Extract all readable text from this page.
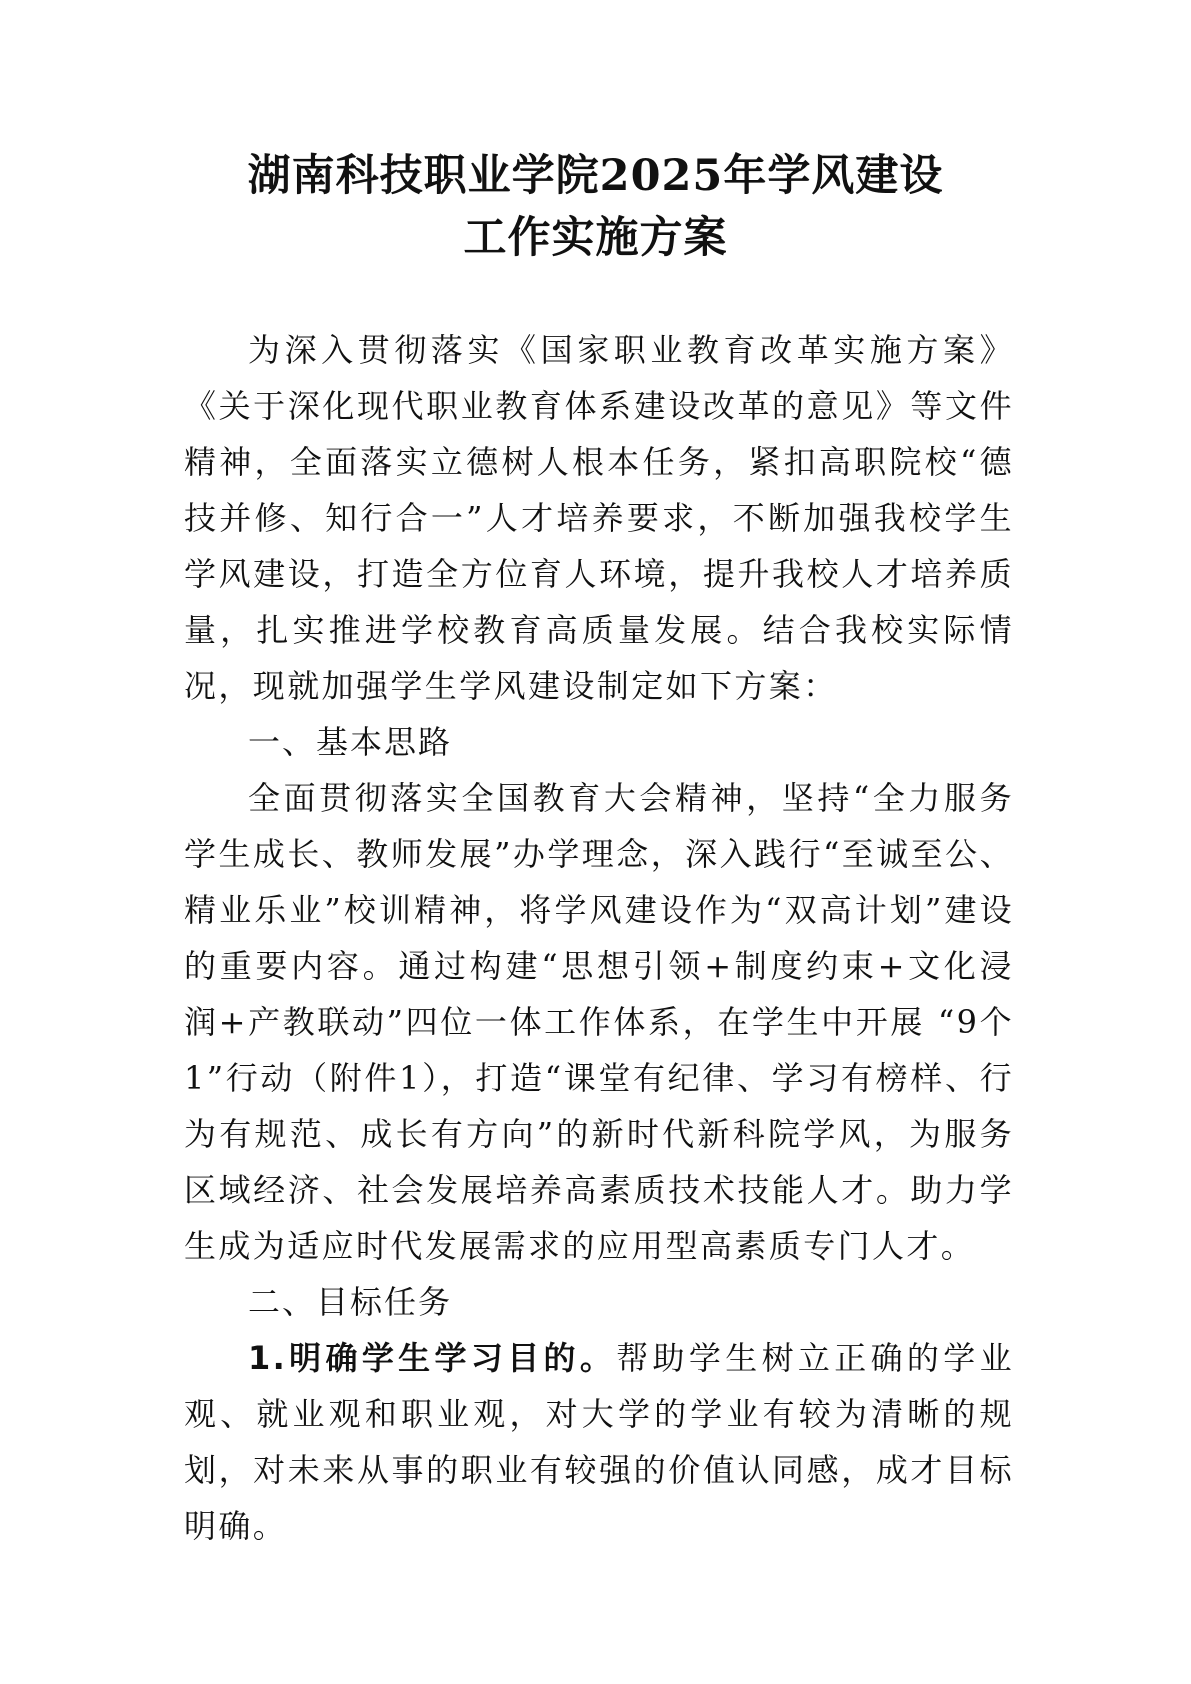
湖南科技职业学院2025年学风建设
工作实施方案

为深入贯彻落实《国家职业教育改革实施方案》《关于深化现代职业教育体系建设改革的意见》等文件精神，全面落实立德树人根本任务，紧扣高职院校“德技并修、知行合一”人才培养要求，不断加强我校学生学风建设，打造全方位育人环境，提升我校人才培养质量，扎实推进学校教育高质量发展。结合我校实际情况，现就加强学生学风建设制定如下方案：

一、基本思路

全面贯彻落实全国教育大会精神，坚持“全力服务学生成长、教师发展”办学理念，深入践行“至诚至公、精业乐业”校训精神，将学风建设作为“双高计划”建设的重要内容。通过构建“思想引领+制度约束+文化浸润+产教联动”四位一体工作体系，在学生中开展 “9个1”行动（附件1），打造“课堂有纪律、学习有榜样、行为有规范、成长有方向”的新时代新科院学风，为服务区域经济、社会发展培养高素质技术技能人才。助力学生成为适应时代发展需求的应用型高素质专门人才。

二、目标任务

1.明确学生学习目的。帮助学生树立正确的学业观、就业观和职业观，对大学的学业有较为清晰的规划，对未来从事的职业有较强的价值认同感，成才目标明确。
